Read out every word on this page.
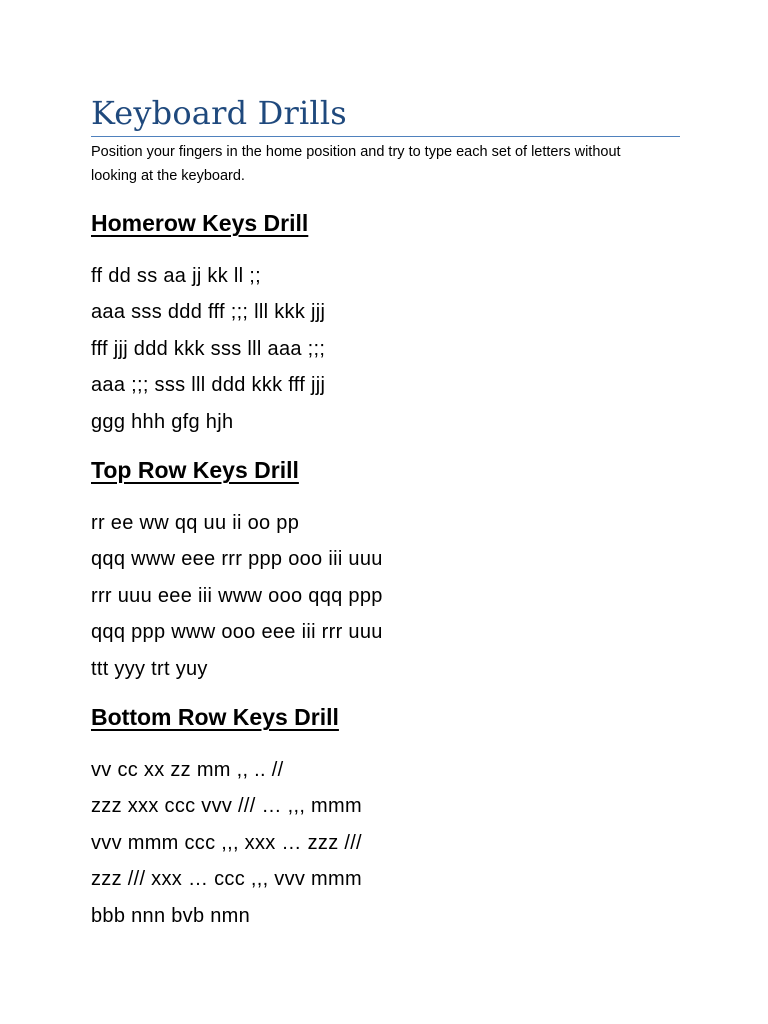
Keyboard Drills

Position your fingers in the home position and try to type each set of letters without looking at the keyboard.

Homerow Keys Drill
ff dd ss aa jj kk ll ;;
aaa sss ddd fff ;;; lll kkk jjj
fff jjj ddd kkk sss lll aaa ;;;
aaa ;;; sss lll ddd kkk fff jjj
ggg hhh gfg hjh
Top Row Keys Drill
rr ee ww qq uu ii oo pp
qqq www eee rrr ppp ooo iii uuu
rrr uuu eee iii www ooo qqq ppp
qqq ppp www ooo eee iii rrr uuu
ttt yyy trt yuy
Bottom Row Keys Drill
vv cc xx zz mm ,, .. //
zzz xxx ccc vvv /// … ,,, mmm
vvv mmm ccc ,,, xxx … zzz ///
zzz /// xxx … ccc ,,, vvv mmm
bbb nnn bvb nmn
